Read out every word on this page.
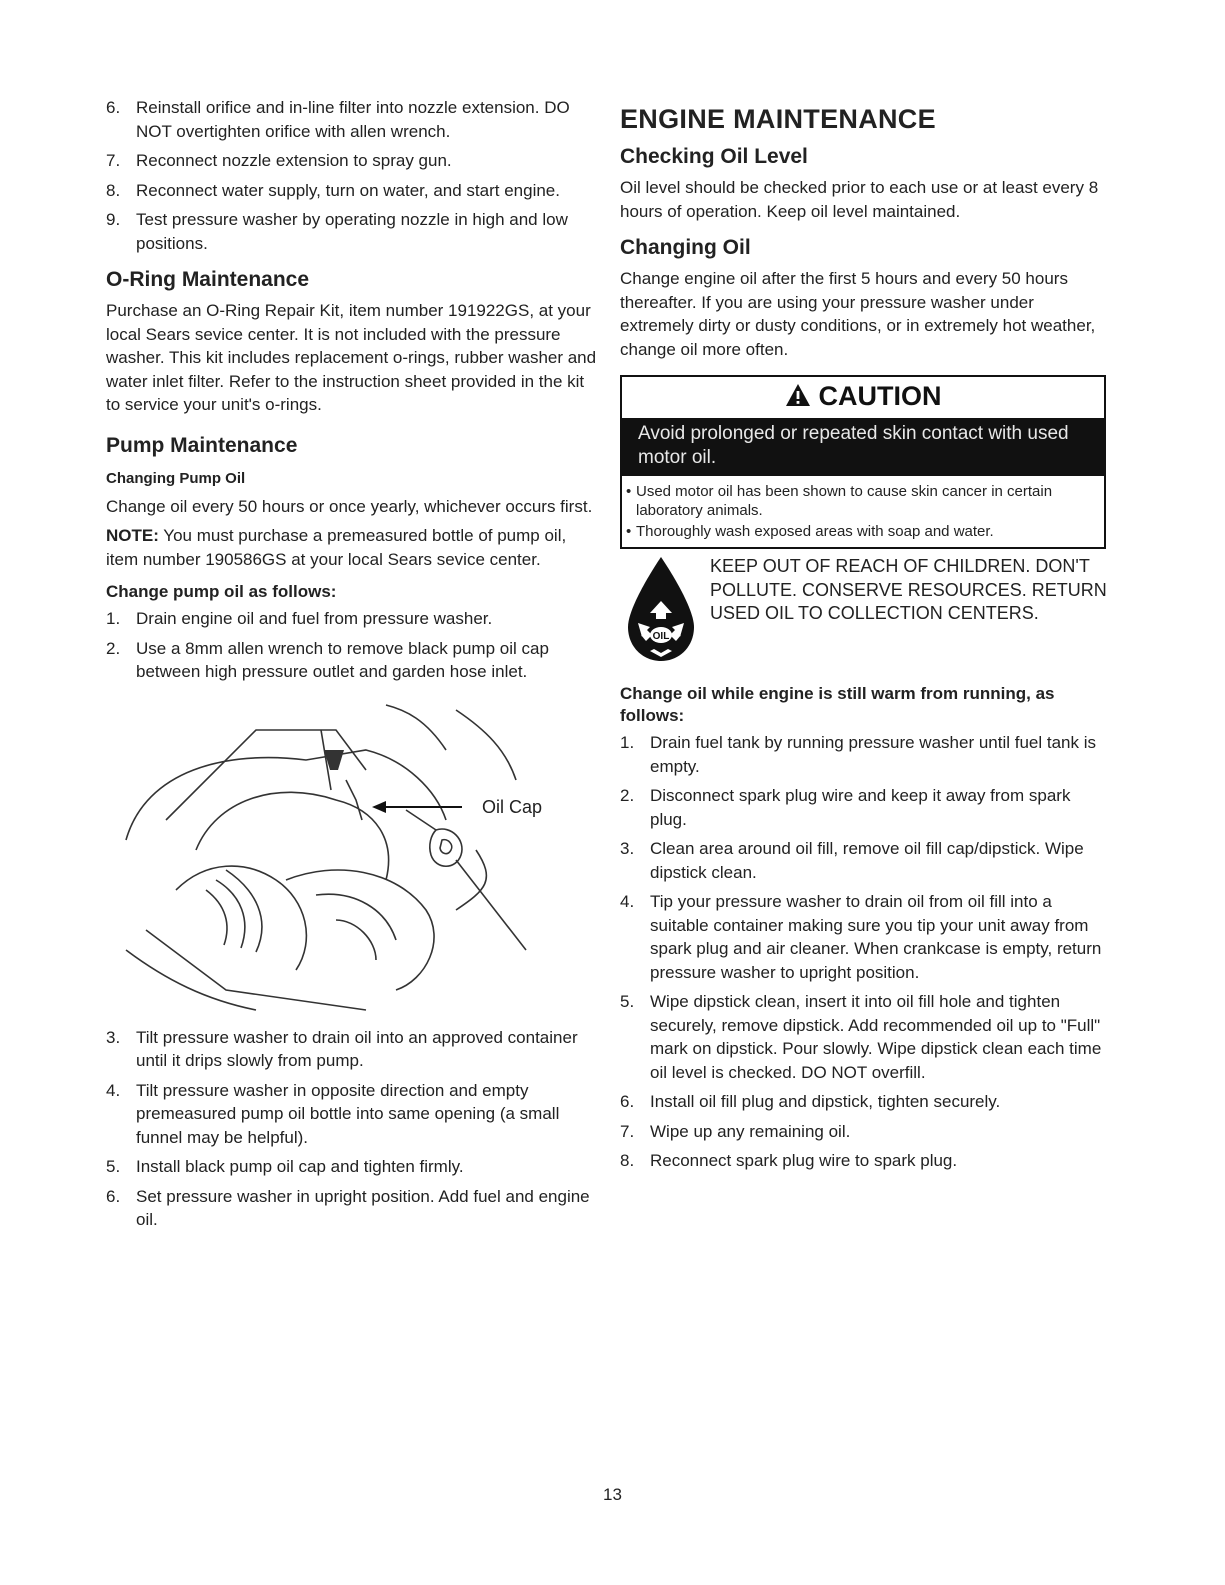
6. Reinstall orifice and in-line filter into nozzle extension. DO NOT overtighten orifice with allen wrench.
7. Reconnect nozzle extension to spray gun.
8. Reconnect water supply, turn on water, and start engine.
9. Test pressure washer by operating nozzle in high and low positions.
O-Ring Maintenance

Purchase an O-Ring Repair Kit, item number 191922GS, at your local Sears sevice center. It is not included with the pressure washer. This kit includes replacement o-rings, rubber washer and water inlet filter. Refer to the instruction sheet provided in the kit to service your unit's o-rings.

Pump Maintenance
Changing Pump Oil

Change oil every 50 hours or once yearly, whichever occurs first.

NOTE: You must purchase a premeasured bottle of pump oil, item number 190586GS at your local Sears sevice center.

Change pump oil as follows:
1. Drain engine oil and fuel from pressure washer.
2. Use a 8mm allen wrench to remove black pump oil cap between high pressure outlet and garden hose inlet.
Oil Cap
3. Tilt pressure washer to drain oil into an approved container until it drips slowly from pump.
4. Tilt pressure washer in opposite direction and empty premeasured pump oil bottle into same opening (a small funnel may be helpful).
5. Install black pump oil cap and tighten firmly.
6. Set pressure washer in upright position. Add fuel and engine oil.
ENGINE MAINTENANCE
Checking Oil Level

Oil level should be checked prior to each use or at least every 8 hours of operation. Keep oil level maintained.

Changing Oil

Change engine oil after the first 5 hours and every 50 hours thereafter. If you are using your pressure washer under extremely dirty or dusty conditions, or in extremely hot weather, change oil more often.

CAUTION
Avoid prolonged or repeated skin contact with used motor oil.
• Used motor oil has been shown to cause skin cancer in certain laboratory animals.
• Thoroughly wash exposed areas with soap and water.
OIL
KEEP OUT OF REACH OF CHILDREN. DON'T POLLUTE. CONSERVE RESOURCES. RETURN USED OIL TO COLLECTION CENTERS.
Change oil while engine is still warm from running, as follows:
1. Drain fuel tank by running pressure washer until fuel tank is empty.
2. Disconnect spark plug wire and keep it away from spark plug.
3. Clean area around oil fill, remove oil fill cap/dipstick. Wipe dipstick clean.
4. Tip your pressure washer to drain oil from oil fill into a suitable container making sure you tip your unit away from spark plug and air cleaner. When crankcase is empty, return pressure washer to upright position.
5. Wipe dipstick clean, insert it into oil fill hole and tighten securely, remove dipstick. Add recommended oil up to "Full" mark on dipstick. Pour slowly. Wipe dipstick clean each time oil level is checked. DO NOT overfill.
6. Install oil fill plug and dipstick, tighten securely.
7. Wipe up any remaining oil.
8. Reconnect spark plug wire to spark plug.
13
